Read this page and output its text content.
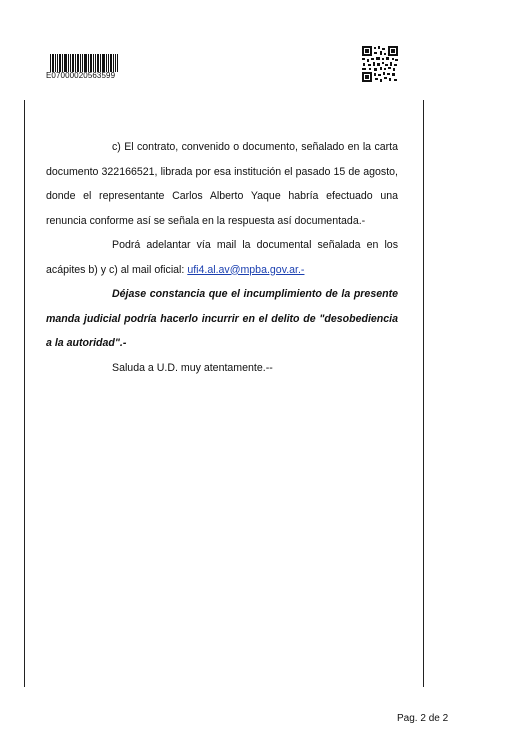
E07000020563599

c) El contrato, convenido o documento, señalado en la carta documento 322166521, librada por esa institución el pasado 15 de agosto, donde el representante Carlos Alberto Yaque habría efectuado una renuncia conforme así se señala en la respuesta así documentada.-

Podrá adelantar vía mail la documental señalada en los acápites b) y c) al mail oficial: ufi4.al.av@mpba.gov.ar.-

Déjase constancia que el incumplimiento de la presente manda judicial podría hacerlo incurrir en el delito de "desobediencia a la autoridad".-

Saluda a U.D. muy atentamente.--

Pag. 2 de 2
